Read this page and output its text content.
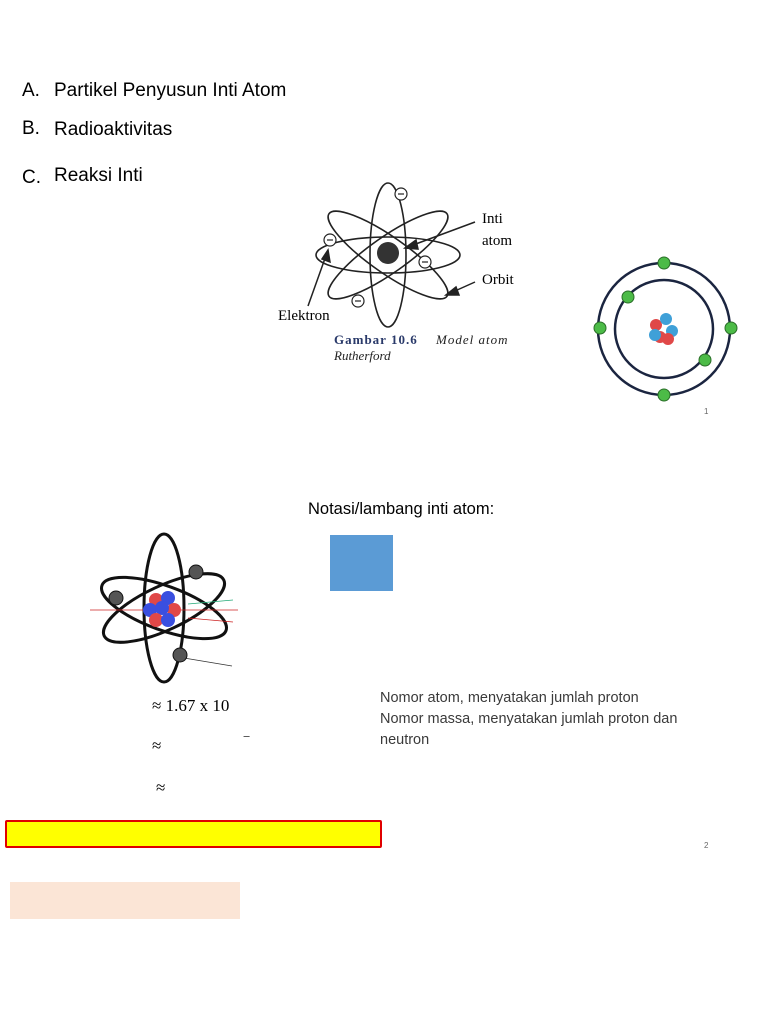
A. Partikel Penyusun Inti Atom
B. Radioaktivitas
C. Reaksi Inti
Inti
atom
Orbit
Elektron
Gambar 10.6 Model atom
Rutherford
1
Notasi/lambang inti atom:
≈ 1.67 x 10
≈	−
≈
Nomor atom, menyatakan jumlah proton
Nomor massa, menyatakan jumlah proton dan
neutron
2
